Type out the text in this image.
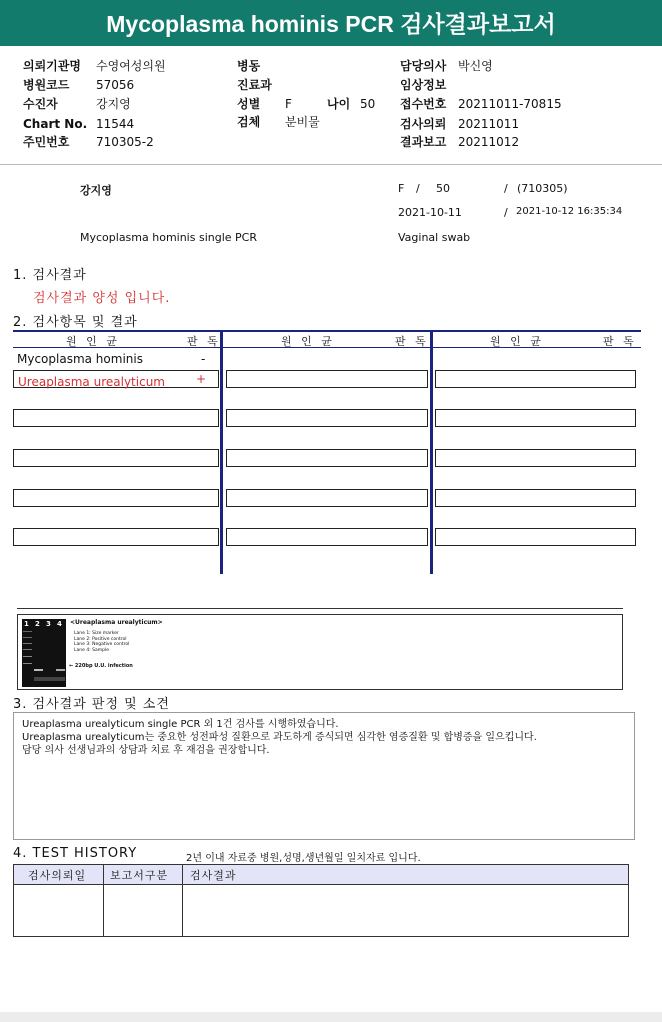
Mycoplasma hominis PCR 검사결과보고서
의뢰기관명 수영여성의원
병원코드 57056
수진자	강지영
Chart No. 11544
주민번호 710305-2
병동
진료과
성별 F	나이 50
검체 분비물
담당의사 박신영
임상정보
접수번호 20211011-70815
검사의뢰 20211011
결과보고 20211012
강지영	F / 50	/ (710305)
2021-10-11	/ 2021-10-12 16:35:34
Mycoplasma hominis single PCR	Vaginal swab
1. 검사결과
검사결과 양성 입니다.
2. 검사항목 및 결과
원 인 균	판 독	원 인 균	판 독	원 인 균	판 독
Mycoplasma hominis	-
Ureaplasma urealyticum	+
1 2 3 4 <Ureaplasma urealyticum>
Lane 1: Size marker
Lane 2: Positive control
Lane 3: Negative control
Lane 4: Sample
← 220bp U.U. infection
3. 검사결과 판정 및 소견
Ureaplasma urealyticum single PCR 외 1건 검사를 시행하였습니다.
Ureaplasma urealyticum는 중요한 성전파성 질환으로 과도하게 증식되면 심각한 염증질환 및 합병증을 일으킵니다.
담당 의사 선생님과의 상담과 치료 후 재검을 권장합니다.
4. TEST HISTORY	2년 이내 자료중 병원,성명,생년월일 일치자료 입니다.
검사의뢰일 보고서구분 검사결과
